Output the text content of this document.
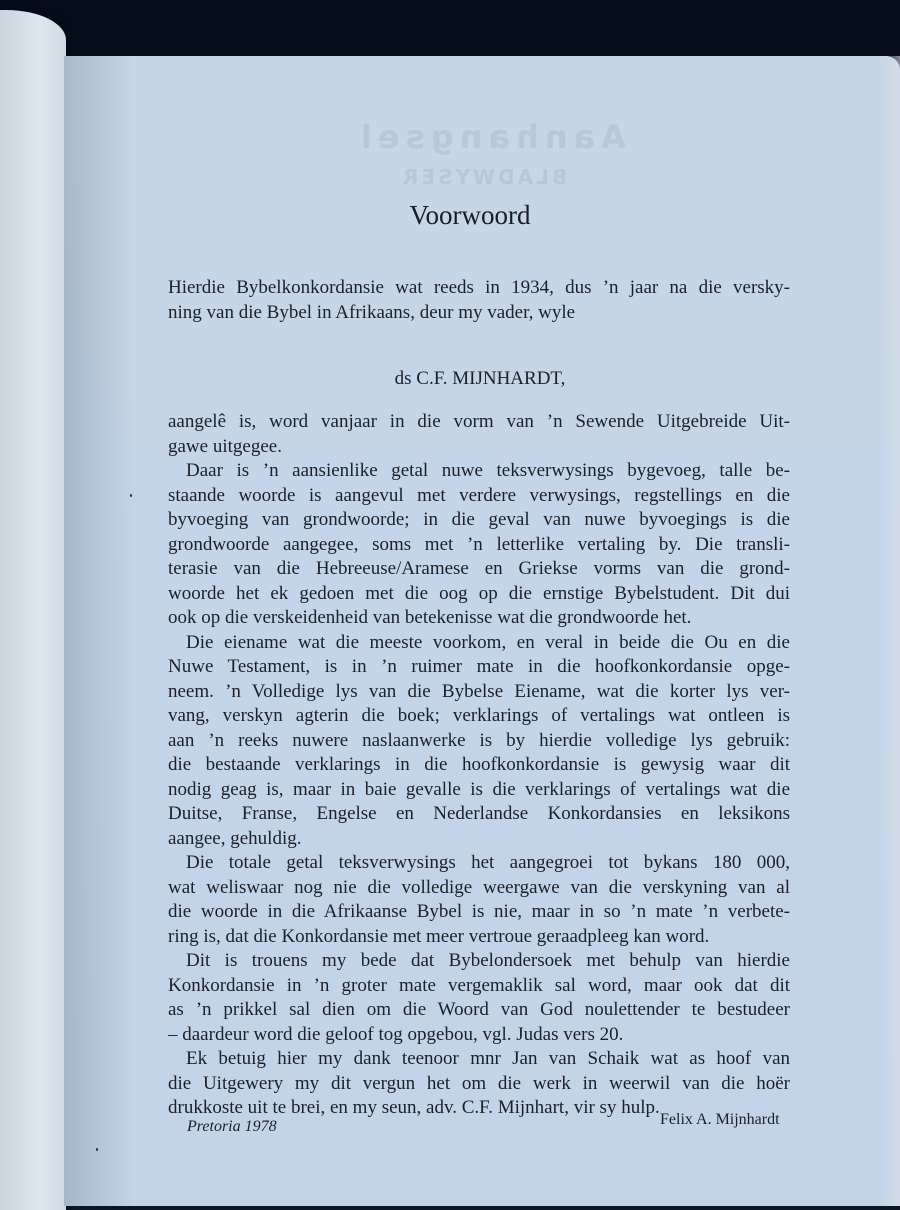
Aanhangsel
BLADWYSER
Voorwoord
Hierdie Bybelkonkordansie wat reeds in 1934, dus ’n jaar na die versky-
ning van die Bybel in Afrikaans, deur my vader, wyle
ds C.F. MIJNHARDT,
aangelê is, word vanjaar in die vorm van ’n Sewende Uitgebreide Uit-
gawe uitgegee.
Daar is ’n aansienlike getal nuwe teksverwysings bygevoeg, talle be-
staande woorde is aangevul met verdere verwysings, regstellings en die
byvoeging van grondwoorde; in die geval van nuwe byvoegings is die
grondwoorde aangegee, soms met ’n letterlike vertaling by. Die transli-
terasie van die Hebreeuse/Aramese en Griekse vorms van die grond-
woorde het ek gedoen met die oog op die ernstige Bybelstudent. Dit dui
ook op die verskeidenheid van betekenisse wat die grondwoorde het.
Die eiename wat die meeste voorkom, en veral in beide die Ou en die
Nuwe Testament, is in ’n ruimer mate in die hoofkonkordansie opge-
neem. ’n Volledige lys van die Bybelse Eiename, wat die korter lys ver-
vang, verskyn agterin die boek; verklarings of vertalings wat ontleen is
aan ’n reeks nuwere naslaanwerke is by hierdie volledige lys gebruik:
die bestaande verklarings in die hoofkonkordansie is gewysig waar dit
nodig geag is, maar in baie gevalle is die verklarings of vertalings wat die
Duitse, Franse, Engelse en Nederlandse Konkordansies en leksikons
aangee, gehuldig.
Die totale getal teksverwysings het aangegroei tot bykans 180 000,
wat weliswaar nog nie die volledige weergawe van die verskyning van al
die woorde in die Afrikaanse Bybel is nie, maar in so ’n mate ’n verbete-
ring is, dat die Konkordansie met meer vertroue geraadpleeg kan word.
Dit is trouens my bede dat Bybelondersoek met behulp van hierdie
Konkordansie in ’n groter mate vergemaklik sal word, maar ook dat dit
as ’n prikkel sal dien om die Woord van God noulettender te bestudeer
– daardeur word die geloof tog opgebou, vgl. Judas vers 20.
Ek betuig hier my dank teenoor mnr Jan van Schaik wat as hoof van
die Uitgewery my dit vergun het om die werk in weerwil van die hoër
drukkoste uit te brei, en my seun, adv. C.F. Mijnhart, vir sy hulp.
Pretoria 1978	Felix A. Mijnhardt
